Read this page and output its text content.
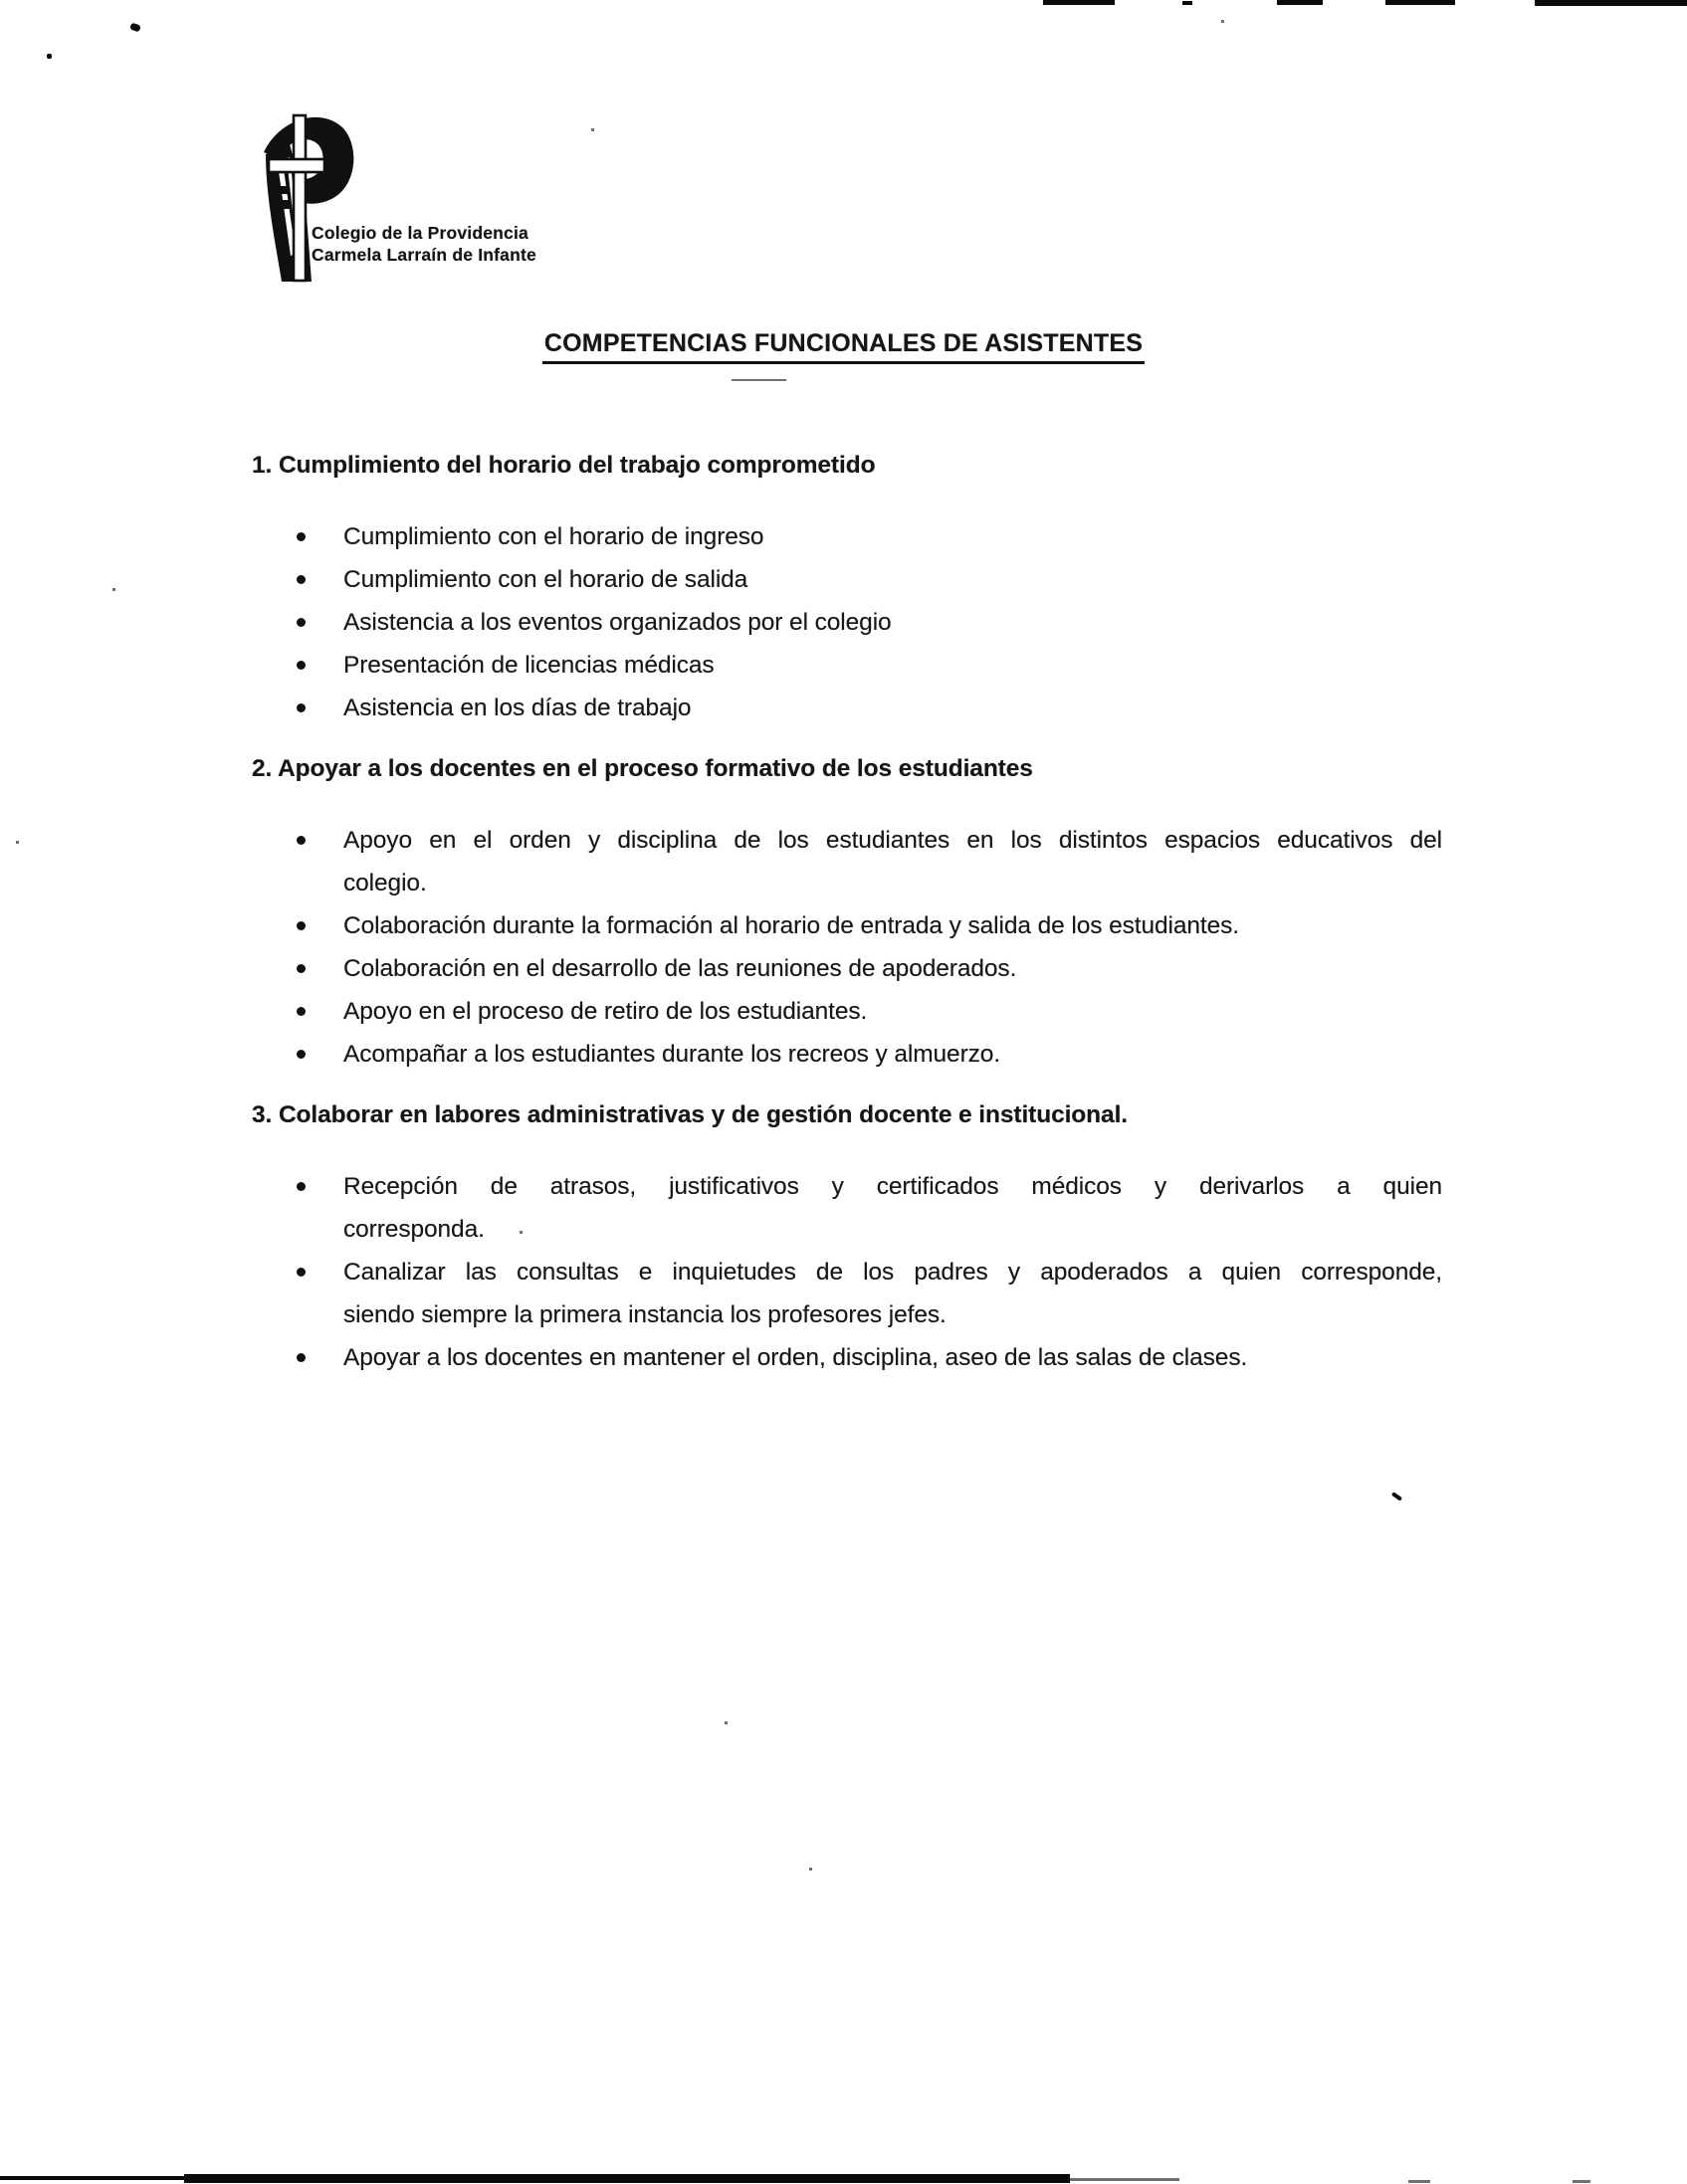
Colegio de la Providencia
Carmela Larraín de Infante
COMPETENCIAS FUNCIONALES DE ASISTENTES
1. Cumplimiento del horario del trabajo comprometido
Cumplimiento con el horario de ingreso
Cumplimiento con el horario de salida
Asistencia a los eventos organizados por el colegio
Presentación de licencias médicas
Asistencia en los días de trabajo
2. Apoyar a los docentes en el proceso formativo de los estudiantes
Apoyo en el orden y disciplina de los estudiantes en los distintos espacios educativos del
colegio.
Colaboración durante la formación al horario de entrada y salida de los estudiantes.
Colaboración en el desarrollo de las reuniones de apoderados.
Apoyo en el proceso de retiro de los estudiantes.
Acompañar a los estudiantes durante los recreos y almuerzo.
3. Colaborar en labores administrativas y de gestión docente e institucional.
Recepción de atrasos, justificativos y certificados médicos y derivarlos a quien
corresponda.
Canalizar las consultas e inquietudes de los padres y apoderados a quien corresponde,
siendo siempre la primera instancia los profesores jefes.
Apoyar a los docentes en mantener el orden, disciplina, aseo de las salas de clases.
